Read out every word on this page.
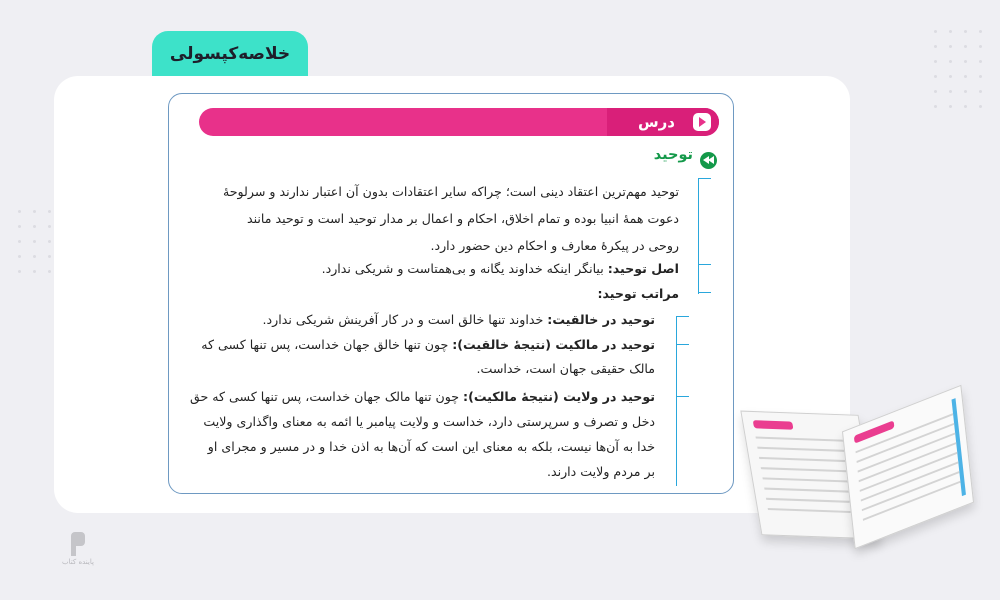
خلاصه‌کپسولی
درس دوم
توحید
توحید مهم‌ترین اعتقاد دینی است؛ چراکه سایر اعتقادات بدون آن اعتبار ندارند و سرلوحهٔ
دعوت همهٔ انبیا بوده و تمام اخلاق، احکام و اعمال بر مدار توحید است و توحید مانند
روحی در پیکرهٔ معارف و احکام دین حضور دارد.
اصل توحید: بیانگر اینکه خداوند یگانه و بی‌همتاست و شریکی ندارد.
مراتب توحید:
توحید در خالقیت: خداوند تنها خالق است و در کار آفرینش شریکی ندارد.
توحید در مالکیت (نتیجهٔ خالقیت): چون تنها خالق جهان خداست، پس تنها کسی که
مالک حقیقی جهان است، خداست.
توحید در ولایت (نتیجهٔ مالکیت): چون تنها مالک جهان خداست، پس تنها کسی که حق
دخل و تصرف و سرپرستی دارد، خداست و ولایت پیامبر یا ائمه به معنای واگذاری ولایت
خدا به آن‌ها نیست، بلکه به معنای این است که آن‌ها به اذن خدا و در مسیر و مجرای او
بر مردم ولایت دارند.
پاینده کتاب
